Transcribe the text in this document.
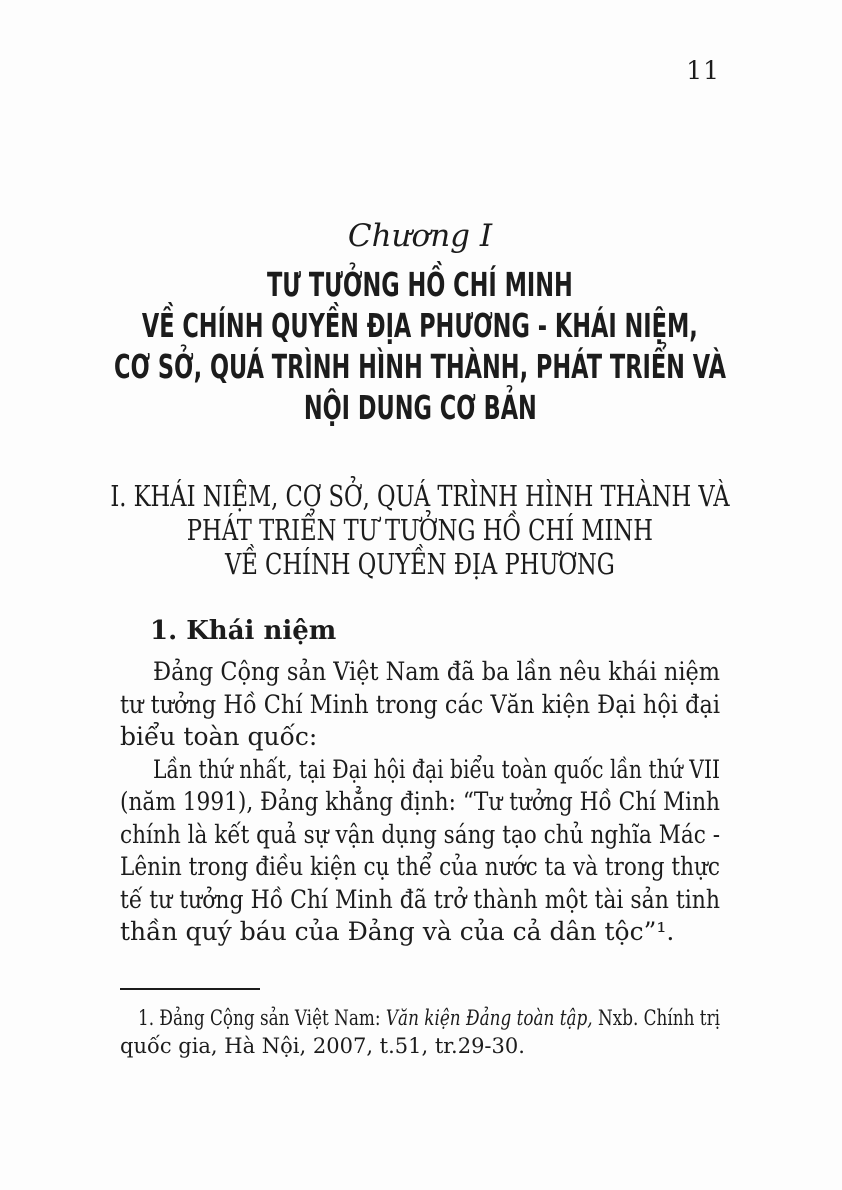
11
Chương I
TƯ TƯỞNG HỒ CHÍ MINH
VỀ CHÍNH QUYỀN ĐỊA PHƯƠNG - KHÁI NIỆM,
CƠ SỞ, QUÁ TRÌNH HÌNH THÀNH, PHÁT TRIỂN VÀ
NỘI DUNG CƠ BẢN
I. KHÁI NIỆM, CƠ SỞ, QUÁ TRÌNH HÌNH THÀNH VÀ
PHÁT TRIỂN TƯ TƯỞNG HỒ CHÍ MINH
VỀ CHÍNH QUYỀN ĐỊA PHƯƠNG
1. Khái niệm
Đảng Cộng sản Việt Nam đã ba lần nêu khái niệm
tư tưởng Hồ Chí Minh trong các Văn kiện Đại hội đại
biểu toàn quốc:
Lần thứ nhất, tại Đại hội đại biểu toàn quốc lần thứ VII
(năm 1991), Đảng khẳng định: “Tư tưởng Hồ Chí Minh
chính là kết quả sự vận dụng sáng tạo chủ nghĩa Mác -
Lênin trong điều kiện cụ thể của nước ta và trong thực
tế tư tưởng Hồ Chí Minh đã trở thành một tài sản tinh
thần quý báu của Đảng và của cả dân tộc”¹.
1. Đảng Cộng sản Việt Nam: Văn kiện Đảng toàn tập, Nxb. Chính trị
quốc gia, Hà Nội, 2007, t.51, tr.29-30.
